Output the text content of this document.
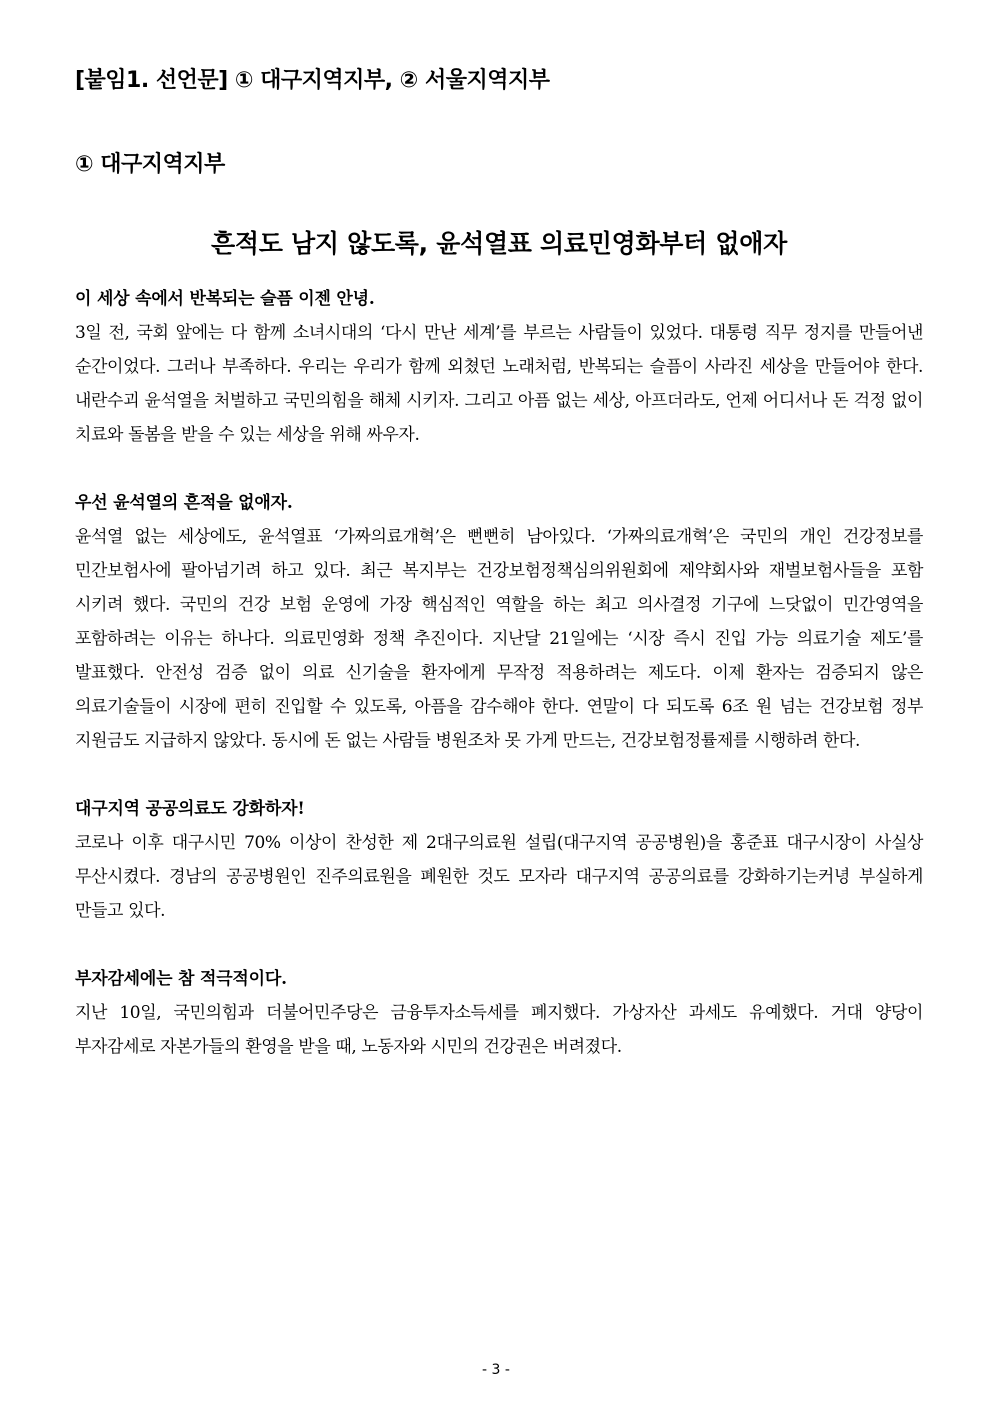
[붙임1. 선언문] ① 대구지역지부, ② 서울지역지부
① 대구지역지부
흔적도 남지 않도록, 윤석열표 의료민영화부터 없애자

이 세상 속에서 반복되는 슬픔 이젠 안녕.

3일 전, 국회 앞에는 다 함께 소녀시대의 ‘다시 만난 세계’를 부르는 사람들이 있었다. 대통령 직무 정지를 만들어낸 순간이었다. 그러나 부족하다. 우리는 우리가 함께 외쳤던 노래처럼, 반복되는 슬픔이 사라진 세상을 만들어야 한다. 내란수괴 윤석열을 처벌하고 국민의힘을 해체 시키자. 그리고 아픔 없는 세상, 아프더라도, 언제 어디서나 돈 걱정 없이 치료와 돌봄을 받을 수 있는 세상을 위해 싸우자.

우선 윤석열의 흔적을 없애자.

윤석열 없는 세상에도, 윤석열표 ‘가짜의료개혁’은 뻔뻔히 남아있다. ‘가짜의료개혁’은 국민의 개인 건강정보를 민간보험사에 팔아넘기려 하고 있다. 최근 복지부는 건강보험정책심의위원회에 제약회사와 재벌보험사들을 포함 시키려 했다. 국민의 건강 보험 운영에 가장 핵심적인 역할을 하는 최고 의사결정 기구에 느닷없이 민간영역을 포함하려는 이유는 하나다. 의료민영화 정책 추진이다. 지난달 21일에는 ‘시장 즉시 진입 가능 의료기술 제도’를 발표했다. 안전성 검증 없이 의료 신기술을 환자에게 무작정 적용하려는 제도다. 이제 환자는 검증되지 않은 의료기술들이 시장에 편히 진입할 수 있도록, 아픔을 감수해야 한다. 연말이 다 되도록 6조 원 넘는 건강보험 정부 지원금도 지급하지 않았다. 동시에 돈 없는 사람들 병원조차 못 가게 만드는, 건강보험정률제를 시행하려 한다.

대구지역 공공의료도 강화하자!

코로나 이후 대구시민 70% 이상이 찬성한 제 2대구의료원 설립(대구지역 공공병원)을 홍준표 대구시장이 사실상 무산시켰다. 경남의 공공병원인 진주의료원을 폐원한 것도 모자라 대구지역 공공의료를 강화하기는커녕 부실하게 만들고 있다.

부자감세에는 참 적극적이다.

지난 10일, 국민의힘과 더불어민주당은 금융투자소득세를 폐지했다. 가상자산 과세도 유예했다. 거대 양당이 부자감세로 자본가들의 환영을 받을 때, 노동자와 시민의 건강권은 버려졌다.

- 3 -
